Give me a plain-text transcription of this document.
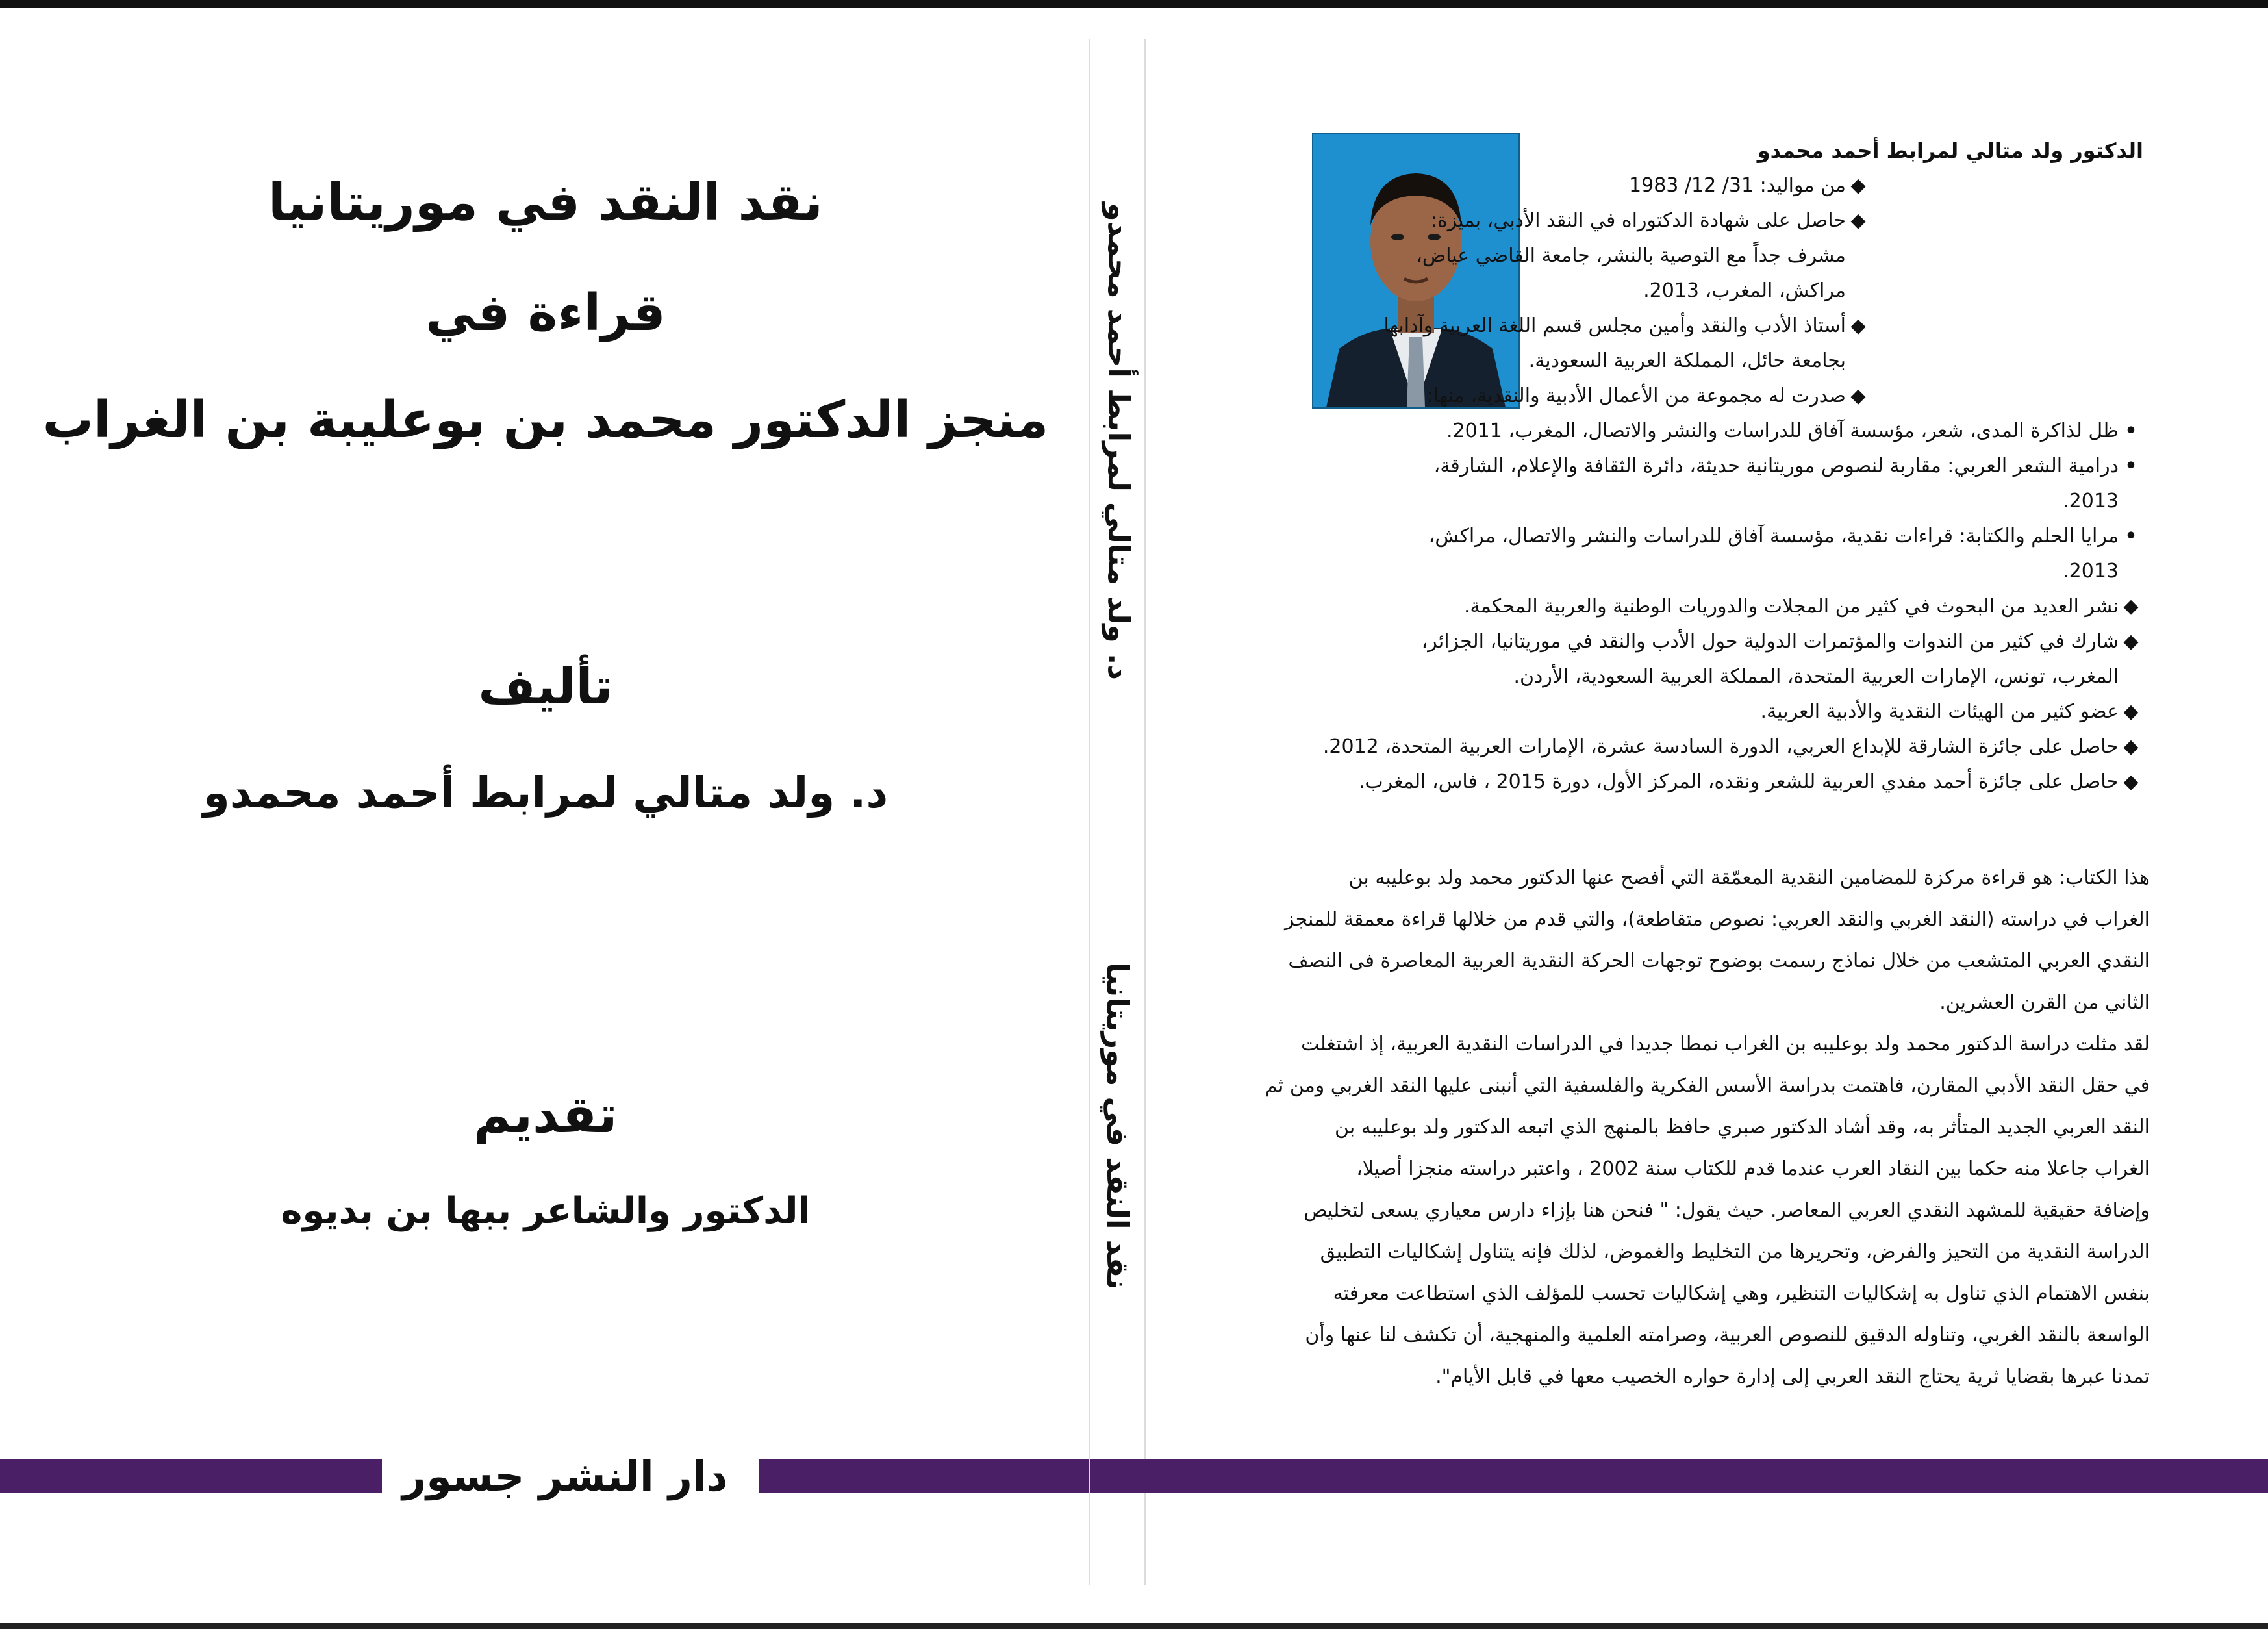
نقد النقد في موريتانيا
قراءة في
منجز الدكتور محمد بن بوعليبة بن الغراب
تأليف
د. ولد متالي لمرابط أحمد محمدو
تقديم
الدكتور والشاعر ببها بن بديوه
دار النشر جسور
د. ولد متالي لمرابط أحمد محمدو
نقد النقد في موريتانيا
الدكتور ولد متالي لمرابط أحمد محمدو
◆من مواليد: 31/ 12/ 1983
◆حاصل على شهادة الدكتوراه في النقد الأدبي، بميزة:
مشرف جداً مع التوصية بالنشر، جامعة القاضي عياض،
مراكش، المغرب، 2013.
◆أستاذ الأدب والنقد وأمين مجلس قسم اللغة العربية وآدابها
بجامعة حائل، المملكة العربية السعودية.
◆صدرت له مجموعة من الأعمال الأدبية والنقدية، منها:
•ظل لذاكرة المدى، شعر، مؤسسة آفاق للدراسات والنشر والاتصال، المغرب، 2011.
•درامية الشعر العربي: مقاربة لنصوص موريتانية حديثة، دائرة الثقافة والإعلام، الشارقة،
2013.
•مرايا الحلم والكتابة: قراءات نقدية، مؤسسة آفاق للدراسات والنشر والاتصال، مراكش،
2013.
◆نشر العديد من البحوث في كثير من المجلات والدوريات الوطنية والعربية المحكمة.
◆شارك في كثير من الندوات والمؤتمرات الدولية حول الأدب والنقد في موريتانيا، الجزائر،
المغرب، تونس، الإمارات العربية المتحدة، المملكة العربية السعودية، الأردن.
◆عضو كثير من الهيئات النقدية والأدبية العربية.
◆حاصل على جائزة الشارقة للإبداع العربي، الدورة السادسة عشرة، الإمارات العربية المتحدة، 2012.
◆حاصل على جائزة أحمد مفدي العربية للشعر ونقده، المركز الأول، دورة 2015 ، فاس، المغرب.
هذا الكتاب: هو قراءة مركزة للمضامين النقدية المعمّقة التي أفصح عنها الدكتور محمد ولد بوعليبه بن
الغراب في دراسته (النقد الغربي والنقد العربي: نصوص متقاطعة)، والتي قدم من خلالها قراءة معمقة للمنجز
النقدي العربي المتشعب من خلال نماذج رسمت بوضوح توجهات الحركة النقدية العربية المعاصرة فى النصف
الثاني من القرن العشرين.
لقد مثلت دراسة الدكتور محمد ولد بوعليبه بن الغراب نمطا جديدا في الدراسات النقدية العربية، إذ اشتغلت
في حقل النقد الأدبي المقارن، فاهتمت بدراسة الأسس الفكرية والفلسفية التي أنبنى عليها النقد الغربي ومن ثم
النقد العربي الجديد المتأثر به، وقد أشاد الدكتور صبري حافظ بالمنهج الذي اتبعه الدكتور ولد بوعليبه بن
الغراب جاعلا منه حكما بين النقاد العرب عندما قدم للكتاب سنة 2002 ، واعتبر دراسته منجزا أصيلا،
وإضافة حقيقية للمشهد النقدي العربي المعاصر. حيث يقول: " فنحن هنا بإزاء دارس معياري يسعى لتخليص
الدراسة النقدية من التحيز والفرض، وتحريرها من التخليط والغموض، لذلك فإنه يتناول إشكاليات التطبيق
بنفس الاهتمام الذي تناول به إشكاليات التنظير، وهي إشكاليات تحسب للمؤلف الذي استطاعت معرفته
الواسعة بالنقد الغربي، وتناوله الدقيق للنصوص العربية، وصرامته العلمية والمنهجية، أن تكشف لنا عنها وأن
تمدنا عبرها بقضايا ثرية يحتاج النقد العربي إلى إدارة حواره الخصيب معها في قابل الأيام".
